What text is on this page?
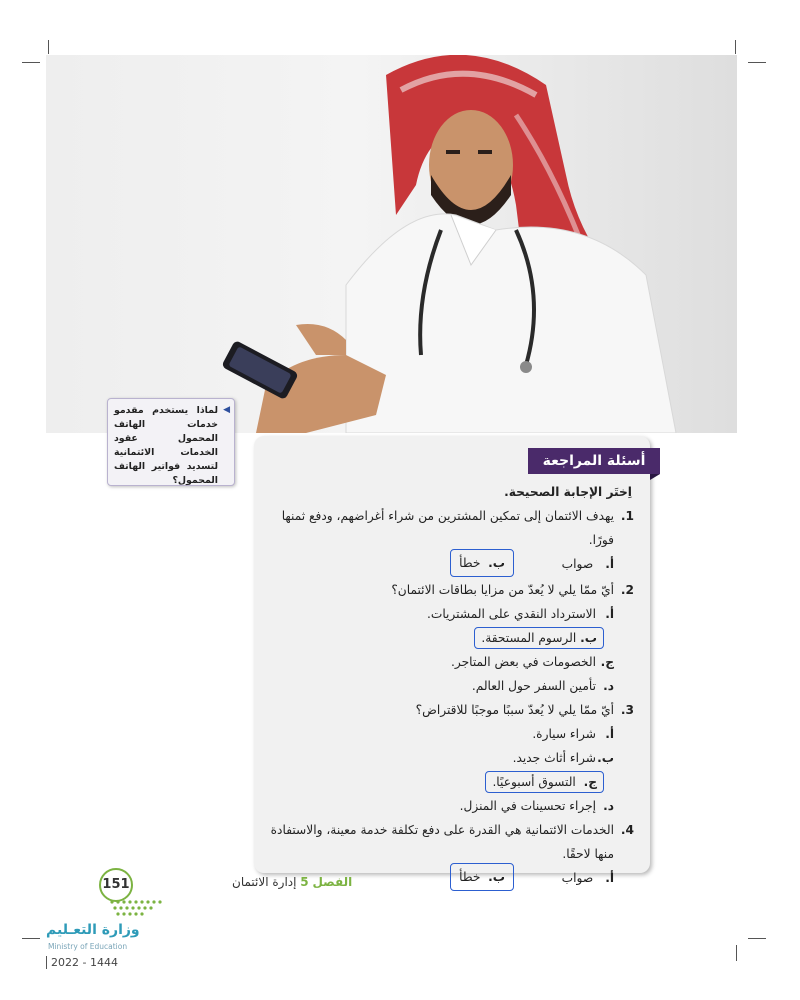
◀

لماذا يستخدم مقدمو خدمات الهاتف المحمول عقود الخدمات الائتمانية لتسديد فواتير الهاتف المحمول؟

أسئلة المراجعة
اِختَر الإجابة الصحيحة.
1.
يهدف الائتمان إلى تمكين المشترين من شراء أغراضهم، ودفع ثمنها فورًا.
أ.صواب
ب.  خطأ
2.
أيّ ممّا يلي لا يُعدّ من مزايا بطاقات الائتمان؟
أ.
الاسترداد النقدي على المشتريات.
ب. الرسوم المستحقة.
ج.
الخصومات في بعض المتاجر.
د.
تأمين السفر حول العالم.
3.
أيّ ممّا يلي لا يُعدّ سببًا موجبًا للاقتراض؟
أ.
شراء سيارة.
ب.
شراء أثاث جديد.
ج.  التسوق أسبوعيًا.
د.
إجراء تحسينات في المنزل.
4.
الخدمات الائتمانية هي القدرة على دفع تكلفة خدمة معينة، والاستفادة منها لاحقًا.
أ.صواب
ب.  خطأ
151	الفصل 5 إدارة الائتمان
وزارة التعـليم
Ministry of Education
2022 - 1444
